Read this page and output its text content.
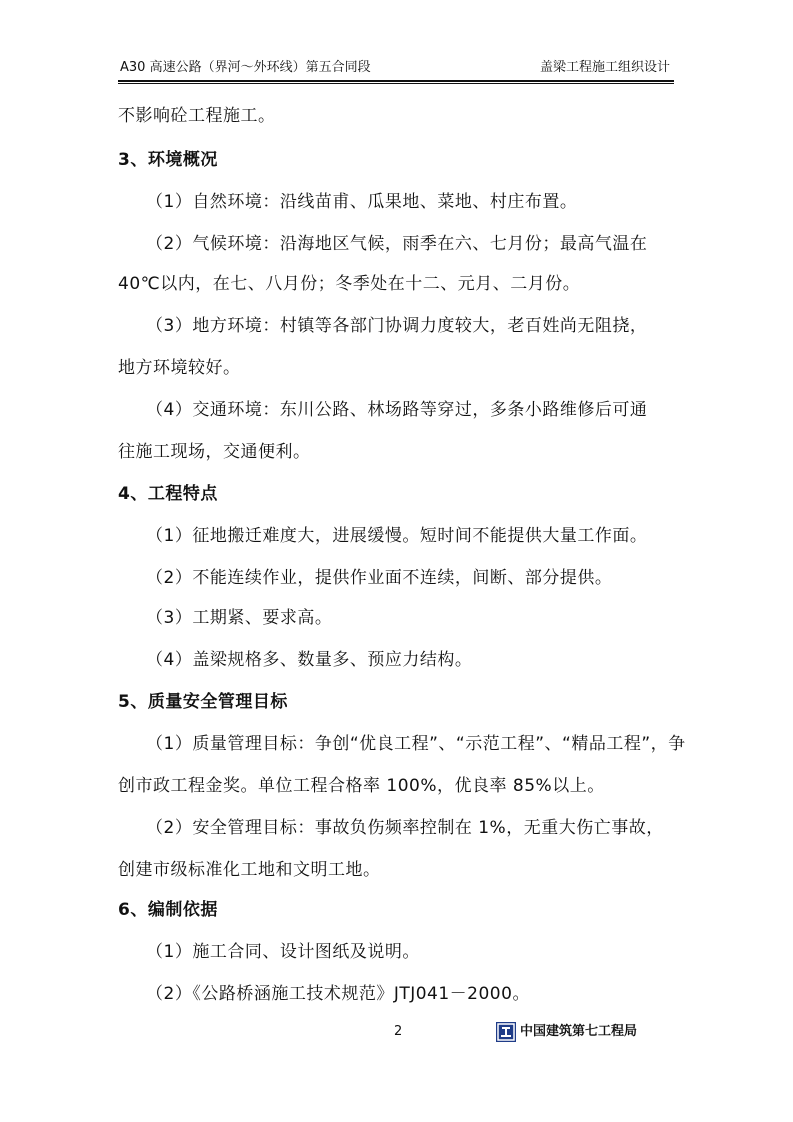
A30 高速公路（界河～外环线）第五合同段	盖梁工程施工组织设计
不影响砼工程施工。
3、环境概况
（1）自然环境：沿线苗甫、瓜果地、菜地、村庄布置。
（2）气候环境：沿海地区气候，雨季在六、七月份；最高气温在
40℃以内，在七、八月份；冬季处在十二、元月、二月份。
（3）地方环境：村镇等各部门协调力度较大，老百姓尚无阻挠，
地方环境较好。
（4）交通环境：东川公路、林场路等穿过，多条小路维修后可通
往施工现场，交通便利。
4、工程特点
（1）征地搬迁难度大，进展缓慢。短时间不能提供大量工作面。
（2）不能连续作业，提供作业面不连续，间断、部分提供。
（3）工期紧、要求高。
（4）盖梁规格多、数量多、预应力结构。
5、质量安全管理目标
（1）质量管理目标：争创“优良工程”、“示范工程”、“精品工程”，争
创市政工程金奖。单位工程合格率 100%，优良率 85%以上。
（2）安全管理目标：事故负伤频率控制在 1%，无重大伤亡事故，
创建市级标准化工地和文明工地。
6、编制依据
（1）施工合同、设计图纸及说明。
（2）《公路桥涵施工技术规范》JTJ041－2000。
2	中国建筑第七工程局
